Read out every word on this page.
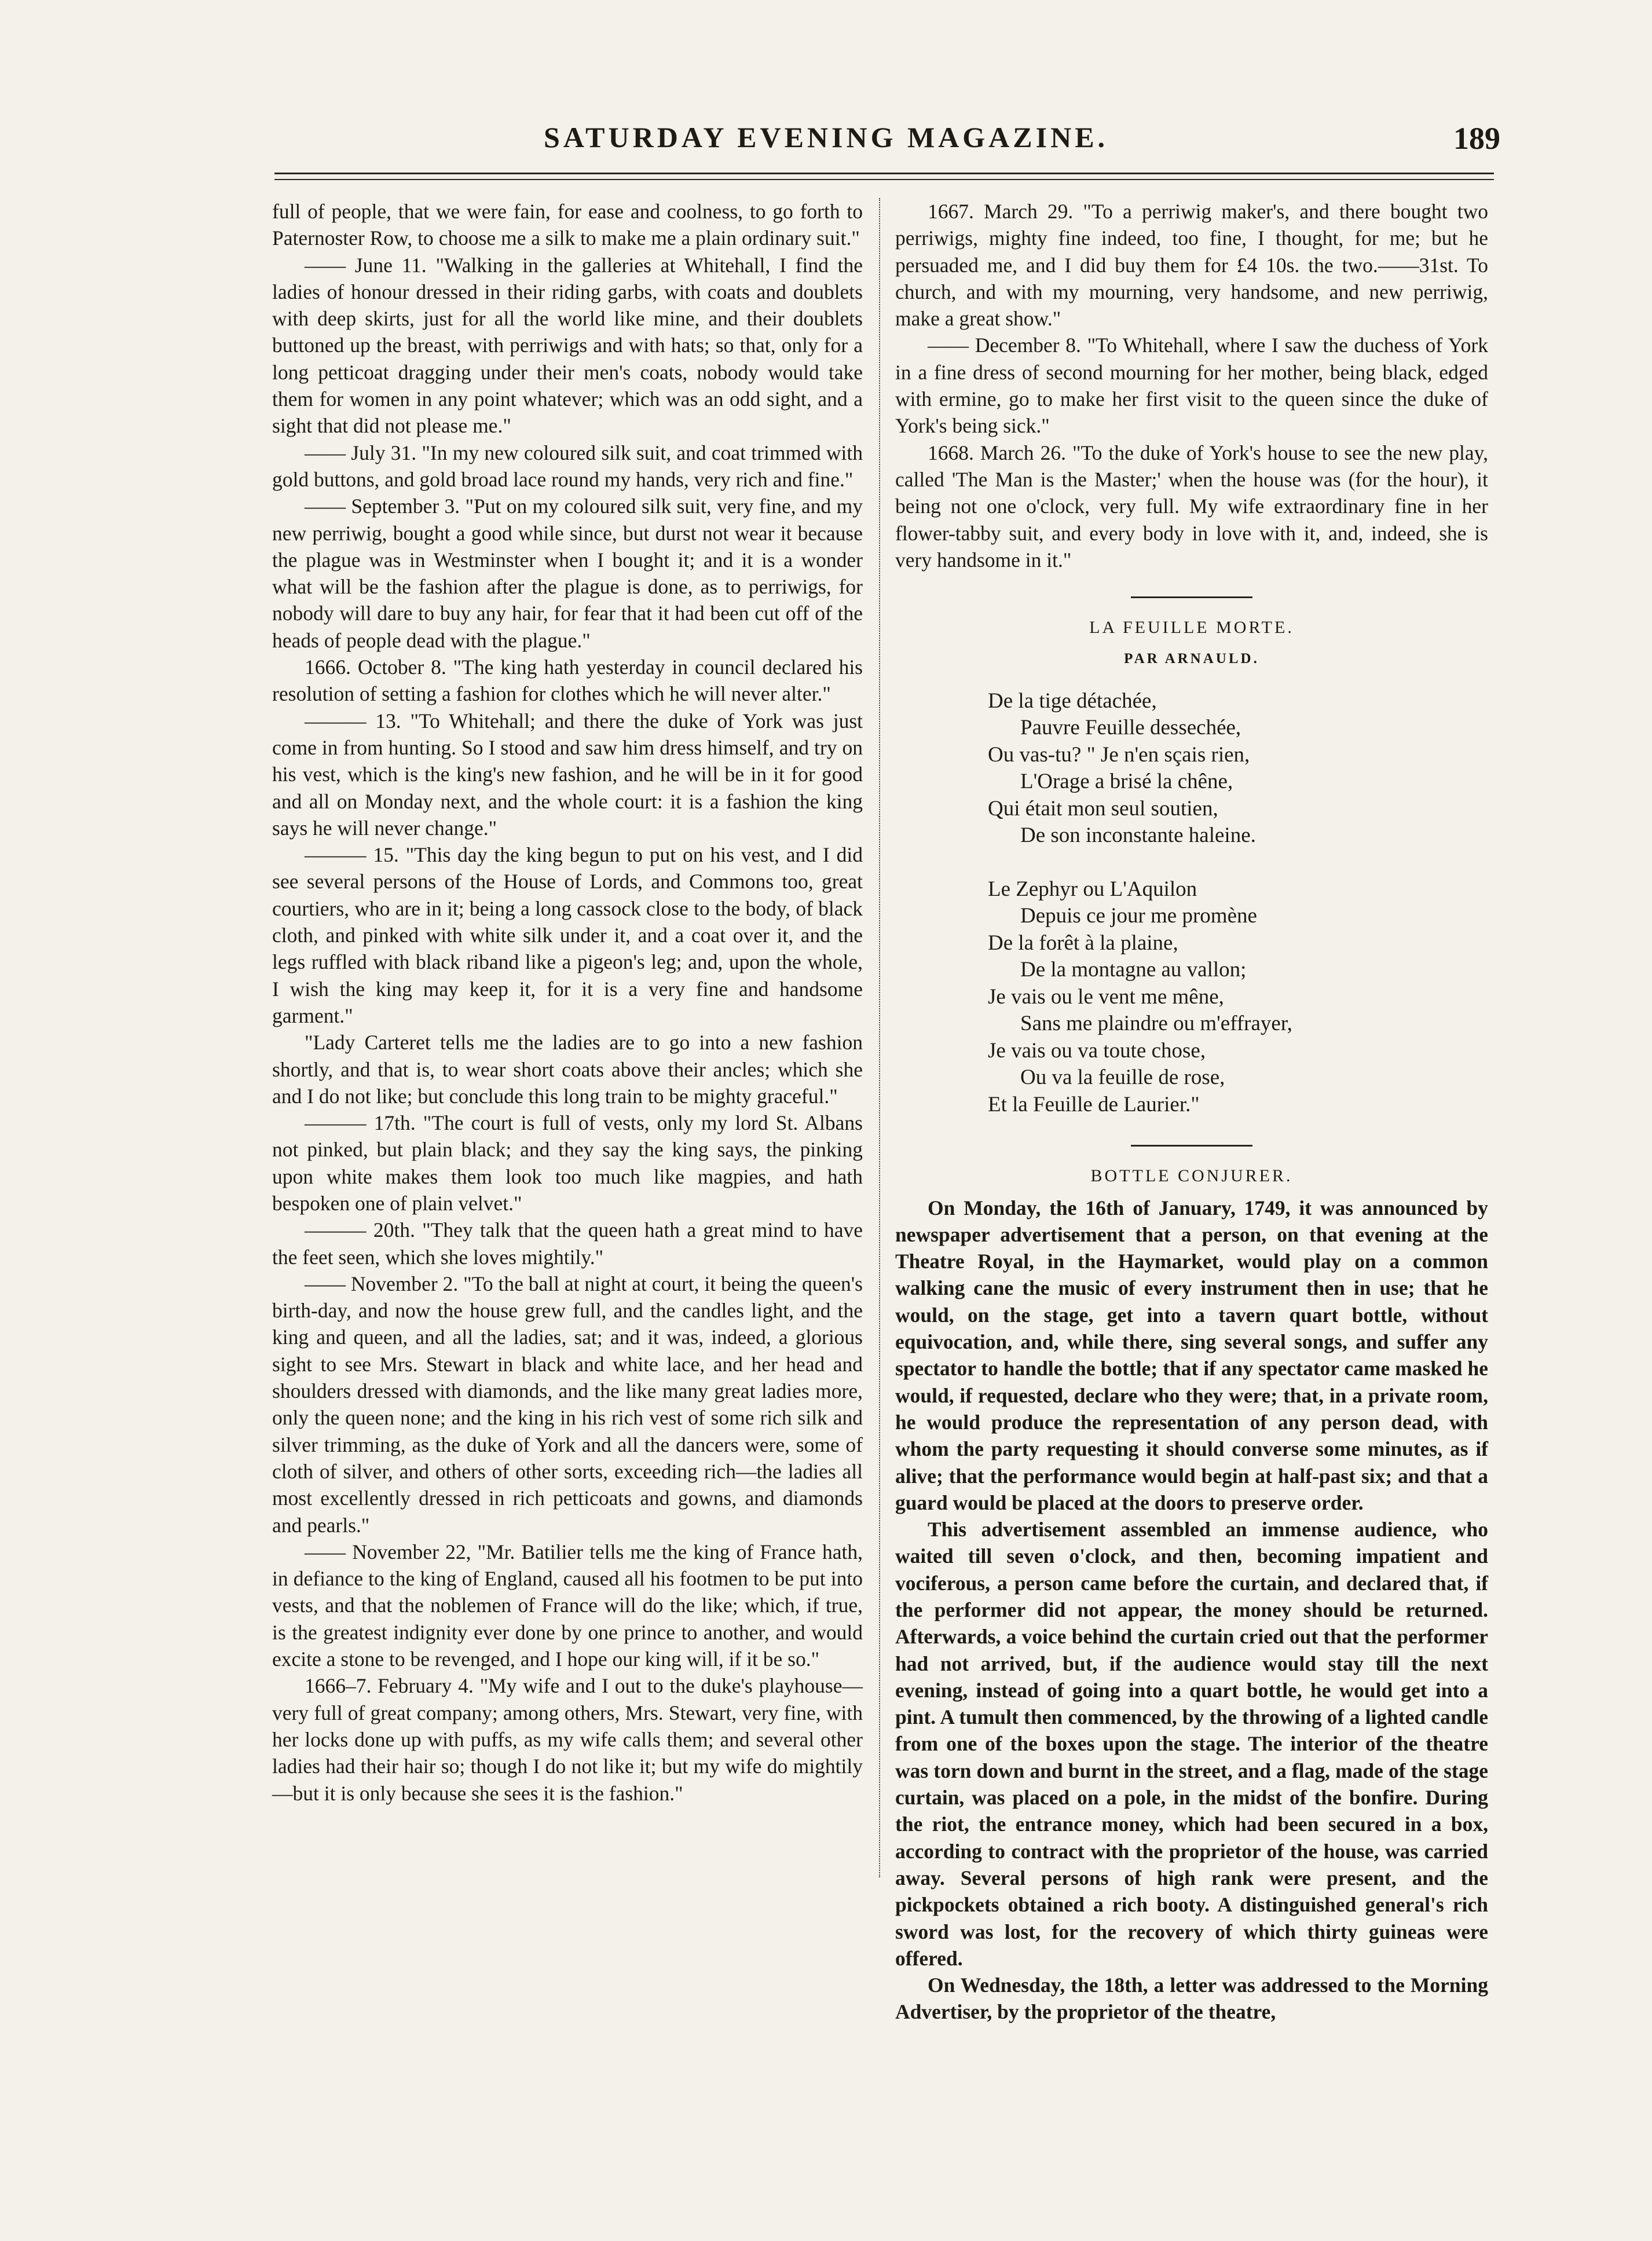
SATURDAY EVENING MAGAZINE.	189

full of people, that we were fain, for ease and coolness, to go forth to Paternoster Row, to choose me a silk to make me a plain ordinary suit."

—— June 11. "Walking in the galleries at Whitehall, I find the ladies of honour dressed in their riding garbs, with coats and doublets with deep skirts, just for all the world like mine, and their doublets buttoned up the breast, with perriwigs and with hats; so that, only for a long petticoat dragging under their men's coats, nobody would take them for women in any point whatever; which was an odd sight, and a sight that did not please me."

—— July 31. "In my new coloured silk suit, and coat trimmed with gold buttons, and gold broad lace round my hands, very rich and fine."

—— September 3. "Put on my coloured silk suit, very fine, and my new perriwig, bought a good while since, but durst not wear it because the plague was in Westminster when I bought it; and it is a wonder what will be the fashion after the plague is done, as to perriwigs, for nobody will dare to buy any hair, for fear that it had been cut off of the heads of people dead with the plague."

1666. October 8. "The king hath yesterday in council declared his resolution of setting a fashion for clothes which he will never alter."

——— 13. "To Whitehall; and there the duke of York was just come in from hunting. So I stood and saw him dress himself, and try on his vest, which is the king's new fashion, and he will be in it for good and all on Monday next, and the whole court: it is a fashion the king says he will never change."

——— 15. "This day the king begun to put on his vest, and I did see several persons of the House of Lords, and Commons too, great courtiers, who are in it; being a long cassock close to the body, of black cloth, and pinked with white silk under it, and a coat over it, and the legs ruffled with black riband like a pigeon's leg; and, upon the whole, I wish the king may keep it, for it is a very fine and handsome garment."

"Lady Carteret tells me the ladies are to go into a new fashion shortly, and that is, to wear short coats above their ancles; which she and I do not like; but conclude this long train to be mighty graceful."

——— 17th. "The court is full of vests, only my lord St. Albans not pinked, but plain black; and they say the king says, the pinking upon white makes them look too much like magpies, and hath bespoken one of plain velvet."

——— 20th. "They talk that the queen hath a great mind to have the feet seen, which she loves mightily."

—— November 2. "To the ball at night at court, it being the queen's birth-day, and now the house grew full, and the candles light, and the king and queen, and all the ladies, sat; and it was, indeed, a glorious sight to see Mrs. Stewart in black and white lace, and her head and shoulders dressed with diamonds, and the like many great ladies more, only the queen none; and the king in his rich vest of some rich silk and silver trimming, as the duke of York and all the dancers were, some of cloth of silver, and others of other sorts, exceeding rich—the ladies all most excellently dressed in rich petticoats and gowns, and diamonds and pearls."

—— November 22, "Mr. Batilier tells me the king of France hath, in defiance to the king of England, caused all his footmen to be put into vests, and that the noblemen of France will do the like; which, if true, is the greatest indignity ever done by one prince to another, and would excite a stone to be revenged, and I hope our king will, if it be so."

1666–7. February 4. "My wife and I out to the duke's playhouse—very full of great company; among others, Mrs. Stewart, very fine, with her locks done up with puffs, as my wife calls them; and several other ladies had their hair so; though I do not like it; but my wife do mightily—but it is only because she sees it is the fashion."

1667. March 29. "To a perriwig maker's, and there bought two perriwigs, mighty fine indeed, too fine, I thought, for me; but he persuaded me, and I did buy them for £4 10s. the two.——31st. To church, and with my mourning, very handsome, and new perriwig, make a great show."

—— December 8. "To Whitehall, where I saw the duchess of York in a fine dress of second mourning for her mother, being black, edged with ermine, go to make her first visit to the queen since the duke of York's being sick."

1668. March 26. "To the duke of York's house to see the new play, called 'The Man is the Master;' when the house was (for the hour), it being not one o'clock, very full. My wife extraordinary fine in her flower-tabby suit, and every body in love with it, and, indeed, she is very handsome in it."

LA FEUILLE MORTE.
PAR ARNAULD.
De la tige détachée,
Pauvre Feuille dessechée,
Ou vas-tu? " Je n'en sçais rien,
L'Orage a brisé la chêne,
Qui était mon seul soutien,
De son inconstante haleine.
Le Zephyr ou L'Aquilon
Depuis ce jour me promène
De la forêt à la plaine,
De la montagne au vallon;
Je vais ou le vent me mêne,
Sans me plaindre ou m'effrayer,
Je vais ou va toute chose,
Ou va la feuille de rose,
Et la Feuille de Laurier."
BOTTLE CONJURER.

On Monday, the 16th of January, 1749, it was announced by newspaper advertisement that a person, on that evening at the Theatre Royal, in the Haymarket, would play on a common walking cane the music of every instrument then in use; that he would, on the stage, get into a tavern quart bottle, without equivocation, and, while there, sing several songs, and suffer any spectator to handle the bottle; that if any spectator came masked he would, if requested, declare who they were; that, in a private room, he would produce the representation of any person dead, with whom the party requesting it should converse some minutes, as if alive; that the performance would begin at half-past six; and that a guard would be placed at the doors to preserve order.

This advertisement assembled an immense audience, who waited till seven o'clock, and then, becoming impatient and vociferous, a person came before the curtain, and declared that, if the performer did not appear, the money should be returned. Afterwards, a voice behind the curtain cried out that the performer had not arrived, but, if the audience would stay till the next evening, instead of going into a quart bottle, he would get into a pint. A tumult then commenced, by the throwing of a lighted candle from one of the boxes upon the stage. The interior of the theatre was torn down and burnt in the street, and a flag, made of the stage curtain, was placed on a pole, in the midst of the bonfire. During the riot, the entrance money, which had been secured in a box, according to contract with the proprietor of the house, was carried away. Several persons of high rank were present, and the pickpockets obtained a rich booty. A distinguished general's rich sword was lost, for the recovery of which thirty guineas were offered.

On Wednesday, the 18th, a letter was addressed to the Morning Advertiser, by the proprietor of the theatre,
